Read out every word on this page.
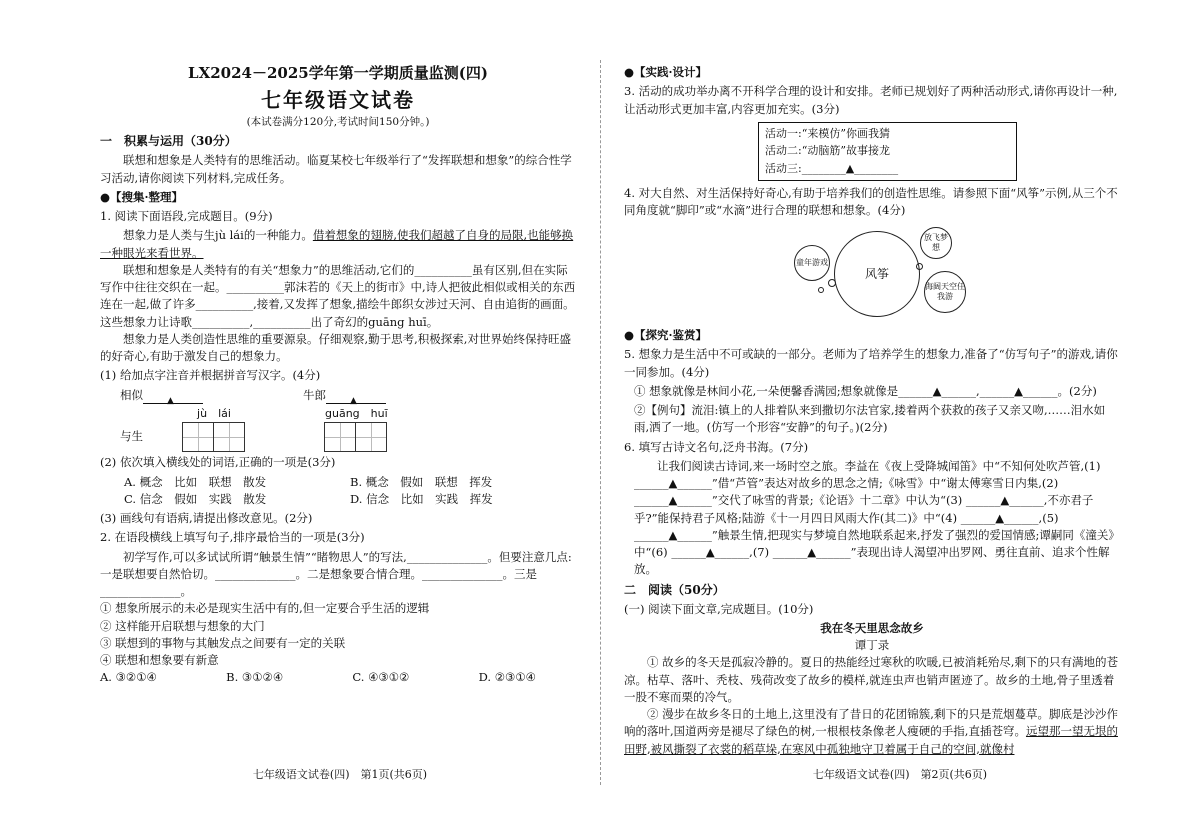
LX2024－2025学年第一学期质量监测(四)

七年级语文试卷

(本试卷满分120分,考试时间150分钟。)

一　积累与运用（30分）

联想和想象是人类特有的思维活动。临夏某校七年级举行了“发挥联想和想象”的综合性学习活动,请你阅读下列材料,完成任务。

●【搜集·整理】

1. 阅读下面语段,完成题目。(9分)

想象力是人类与生jù lái的一种能力。借着想象的翅膀,使我们超越了自身的局限,也能够换一种眼光来看世界。

联想和想象是人类特有的有关“想象力”的思维活动,它们的__________虽有区别,但在实际写作中往往交织在一起。__________郭沫若的《天上的街市》中,诗人把彼此相似或相关的东西连在一起,做了许多__________,接着,又发挥了想象,描绘牛郎织女涉过天河、自由追街的画面。这些想象力让诗歌__________,__________出了奇幻的guāng huī。

想象力是人类创造性思维的重要源泉。仔细观察,勤于思考,积极探索,对世界始终保持旺盛的好奇心,有助于激发自己的想象力。

(1) 给加点字注音并根据拼音写汉字。(4分)

相似	▲	牛郎	▲
与生
jù　lái	guāng　huī

(2) 依次填入横线处的词语,正确的一项是(3分)

A. 概念　比如　联想　散发	B. 概念　假如　联想　挥发
C. 信念　假如　实践　散发	D. 信念　比如　实践　挥发

(3) 画线句有语病,请提出修改意见。(2分)

2. 在语段横线上填写句子,排序最恰当的一项是(3分)

初学写作,可以多试试所谓“触景生情”“睹物思人”的写法,______________。但要注意几点:一是联想要自然恰切。______________。二是想象要合情合理。______________。三是______________。

① 想象所展示的未必是现实生活中有的,但一定要合乎生活的逻辑

② 这样能开启联想与想象的大门

③ 联想到的事物与其触发点之间要有一定的关联

④ 联想和想象要有新意

A. ③②①④	B. ③①②④	C. ④③①②	D. ②③①④
七年级语文试卷(四)　第1页(共6页)

●【实践·设计】

3. 活动的成功举办离不开科学合理的设计和安排。老师已规划好了两种活动形式,请你再设计一种,让活动形式更加丰富,内容更加充实。(3分)

活动一:“来模仿”你画我猜
活动二:“动脑筋”故事接龙
活动三:________▲________

4. 对大自然、对生活保持好奇心,有助于培养我们的创造性思维。请参照下面“风筝”示例,从三个不同角度就“脚印”或“水滴”进行合理的联想和想象。(4分)

风筝
童年游戏
放飞梦想
海阔天空任我游

●【探究·鉴赏】

5. 想象力是生活中不可或缺的一部分。老师为了培养学生的想象力,准备了“仿写句子”的游戏,请你一同参加。(4分)

① 想象就像是林间小花,一朵便馨香满园;想象就像是______▲______,______▲______。(2分)

②【例句】流泪:镇上的人排着队来到撒切尔法官家,搂着两个获救的孩子又亲又吻,……泪水如雨,洒了一地。(仿写一个形容“安静”的句子。)(2分)

6. 填写古诗文名句,泛舟书海。(7分)

让我们阅读古诗词,来一场时空之旅。李益在《夜上受降城闻笛》中“不知何处吹芦管,(1) ______▲______”借“芦管”表达对故乡的思念之情;《咏雪》中“谢太傅寒雪日内集,(2) ______▲______”交代了咏雪的背景;《论语》十二章》中认为“(3) ______▲______,不亦君子乎?”能保持君子风格;陆游《十一月四日风雨大作(其二)》中“(4) ______▲______,(5) ______▲______”触景生情,把现实与梦境自然地联系起来,抒发了强烈的爱国情感;谭嗣同《潼关》中“(6) ______▲______,(7) ______▲______”表现出诗人渴望冲出罗网、勇往直前、追求个性解放。

二　阅读（50分）

(一) 阅读下面文章,完成题目。(10分)

我在冬天里思念故乡

谭丁录

① 故乡的冬天是孤寂冷静的。夏日的热能经过寒秋的吹暖,已被消耗殆尽,剩下的只有满地的苍凉。枯草、落叶、秃枝、残荷改变了故乡的模样,就连虫声也销声匿迹了。故乡的土地,骨子里透着一股不寒而栗的冷气。

② 漫步在故乡冬日的土地上,这里没有了昔日的花团锦簇,剩下的只是荒烟蔓草。脚底是沙沙作响的落叶,国道两旁是褪尽了绿色的树,一根根枝条像老人瘦硬的手指,直插苍穹。远望那一望无垠的田野,被风撕裂了衣裳的稻草垛,在寒风中孤独地守卫着属于自己的空间,就像村

七年级语文试卷(四)　第2页(共6页)
